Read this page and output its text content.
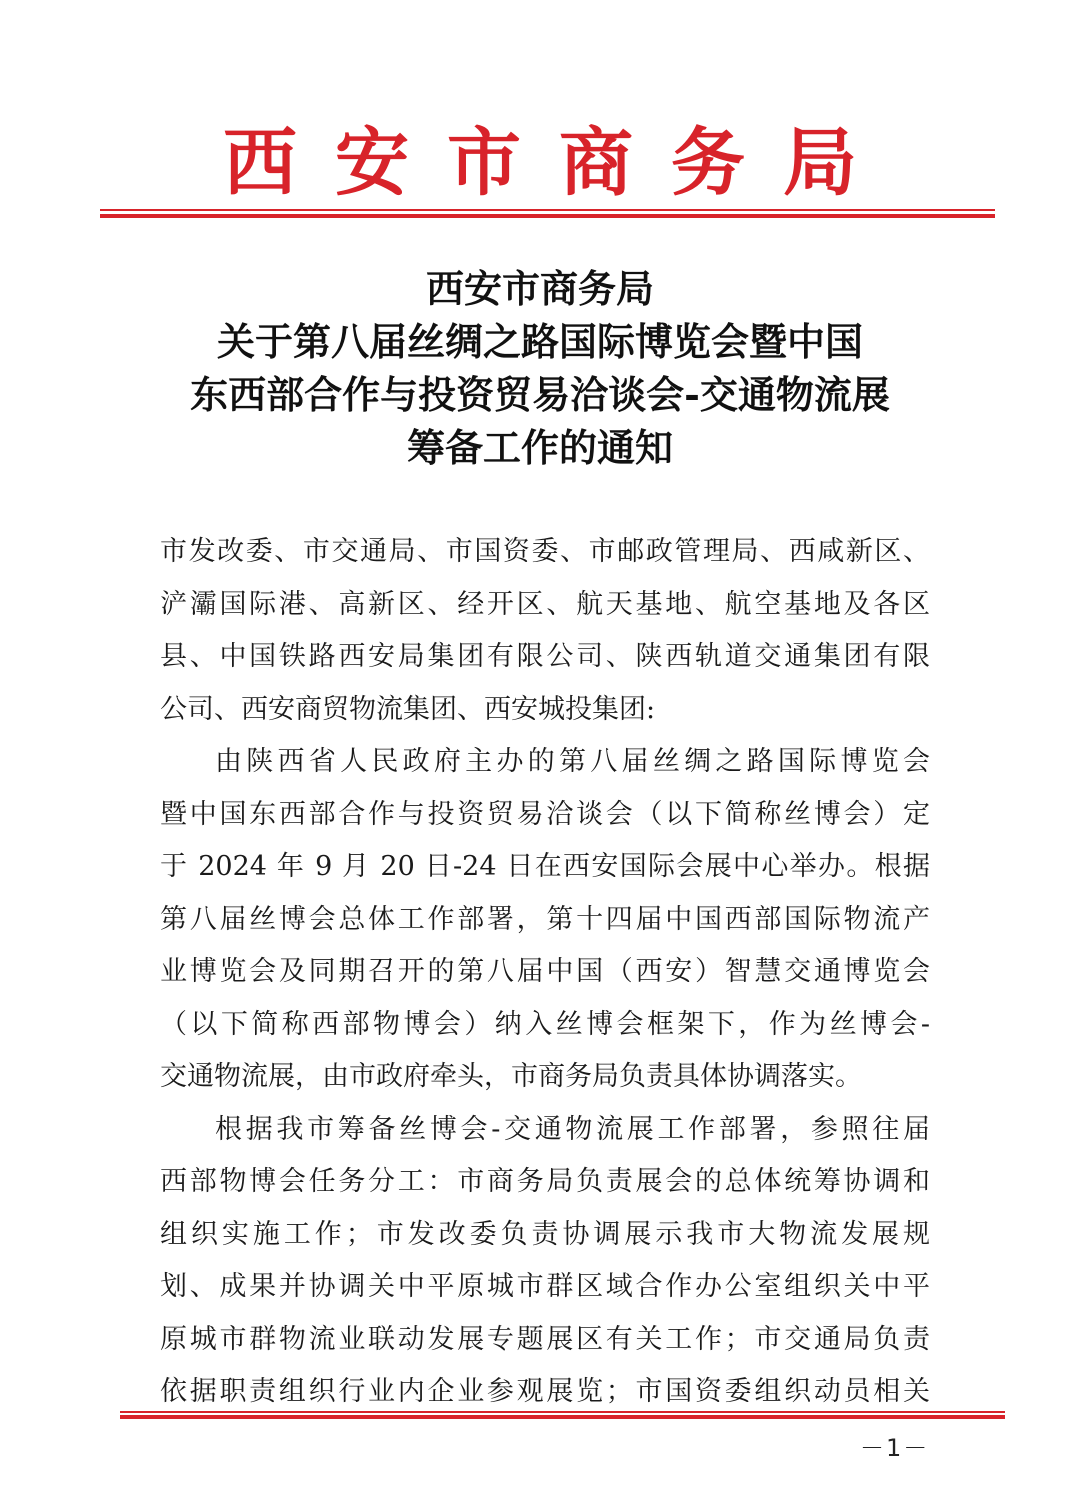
西安市商务局
西安市商务局
关于第八届丝绸之路国际博览会暨中国
东西部合作与投资贸易洽谈会-交通物流展
筹备工作的通知
市发改委、市交通局、市国资委、市邮政管理局、西咸新区、
浐灞国际港、高新区、经开区、航天基地、航空基地及各区
县、中国铁路西安局集团有限公司、陕西轨道交通集团有限
公司、西安商贸物流集团、西安城投集团:
由陕西省人民政府主办的第八届丝绸之路国际博览会
暨中国东西部合作与投资贸易洽谈会（以下简称丝博会）定
于 2024 年 9 月 20 日-24 日在西安国际会展中心举办。根据
第八届丝博会总体工作部署，第十四届中国西部国际物流产
业博览会及同期召开的第八届中国（西安）智慧交通博览会
（以下简称西部物博会）纳入丝博会框架下，作为丝博会-
交通物流展，由市政府牵头，市商务局负责具体协调落实。
根据我市筹备丝博会-交通物流展工作部署，参照往届
西部物博会任务分工：市商务局负责展会的总体统筹协调和
组织实施工作；市发改委负责协调展示我市大物流发展规
划、成果并协调关中平原城市群区域合作办公室组织关中平
原城市群物流业联动发展专题展区有关工作；市交通局负责
依据职责组织行业内企业参观展览；市国资委组织动员相关
－1－
